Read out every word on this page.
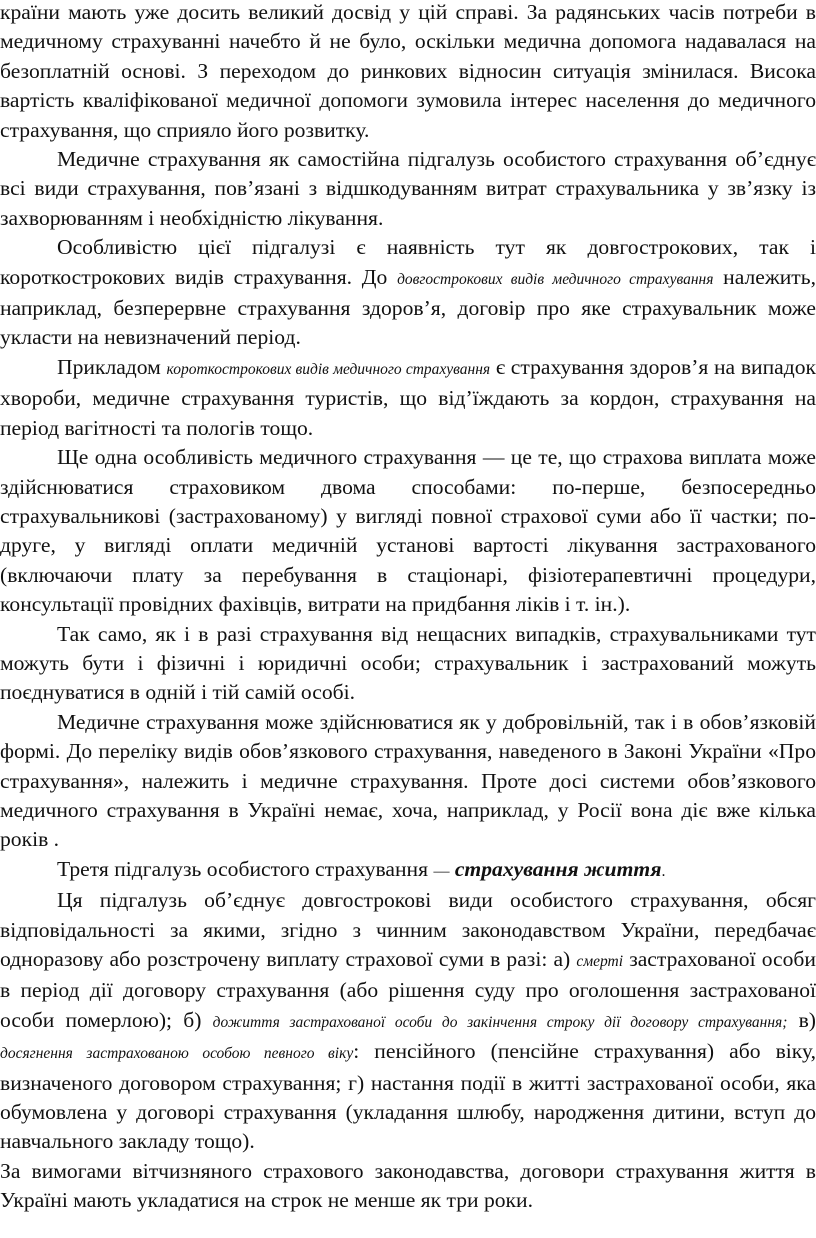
країни мають уже досить великий досвід у цій справі. За радянських часів потреби в медичному страхуванні начебто й не було, оскільки медична допомога надавалася на безоплатній основі. З переходом до ринкових відносин ситуація змінилася. Висока вартість кваліфікованої медичної допомоги зумовила інтерес населення до медичного страхування, що сприяло його розвитку.

Медичне страхування як самостійна підгалузь особистого страхування об’єднує всі види страхування, пов’язані з відшкодуванням витрат страхувальника у зв’язку із захворюванням і необхідністю лікування.

Особливістю цієї підгалузі є наявність тут як довгострокових, так і короткострокових видів страхування. До довгострокових видів медичного страхування належить, наприклад, безперервне страхування здоров’я, договір про яке страхувальник може укласти на невизначений період.

Прикладом короткострокових видів медичного страхування є страхування здоров’я на випадок хвороби, медичне страхування туристів, що від’їждають за кордон, страхування на період вагітності та пологів тощо.

Ще одна особливість медичного страхування — це те, що страхова виплата може здійснюватися страховиком двома способами: по-перше, безпосередньо страхувальникові (застрахованому) у вигляді повної страхової суми або її частки; по-друге, у вигляді оплати медичній установі вартості лікування застрахованого (включаючи плату за перебування в стаціонарі, фізіотерапевтичні процедури, консультації провідних фахівців, витрати на придбання ліків і т. ін.).

Так само, як і в разі страхування від нещасних випадків, страхувальниками тут можуть бути і фізичні і юридичні особи; страхувальник і застрахований можуть поєднуватися в одній і тій самій особі.

Медичне страхування може здійснюватися як у добровільній, так і в обов’язковій формі. До переліку видів обов’язкового страхування, наведеного в Законі України «Про страхування», належить і медичне страхування. Проте досі системи обов’язкового медичного страхування в Україні немає, хоча, наприклад, у Росії вона діє вже кілька років .

Третя підгалузь особистого страхування — страхування життя.

Ця підгалузь об’єднує довгострокові види особистого страхування, обсяг відповідальності за якими, згідно з чинним законодавством України, передбачає одноразову або розстрочену виплату страхової суми в разі: а) смерті застрахованої особи в період дії договору страхування (або рішення суду про оголошення застрахованої особи померлою); б) дожиття застрахованої особи до закінчення строку дії договору страхування; в) досягнення застрахованою особою певного віку: пенсійного (пенсійне страхування) або віку, визначеного договором страхування; г) настання події в житті застрахованої особи, яка обумовлена у договорі страхування (укладання шлюбу, народження дитини, вступ до навчального закладу тощо).

За вимогами вітчизняного страхового законодавства, договори страхування життя в Україні мають укладатися на строк не менше як три роки.
